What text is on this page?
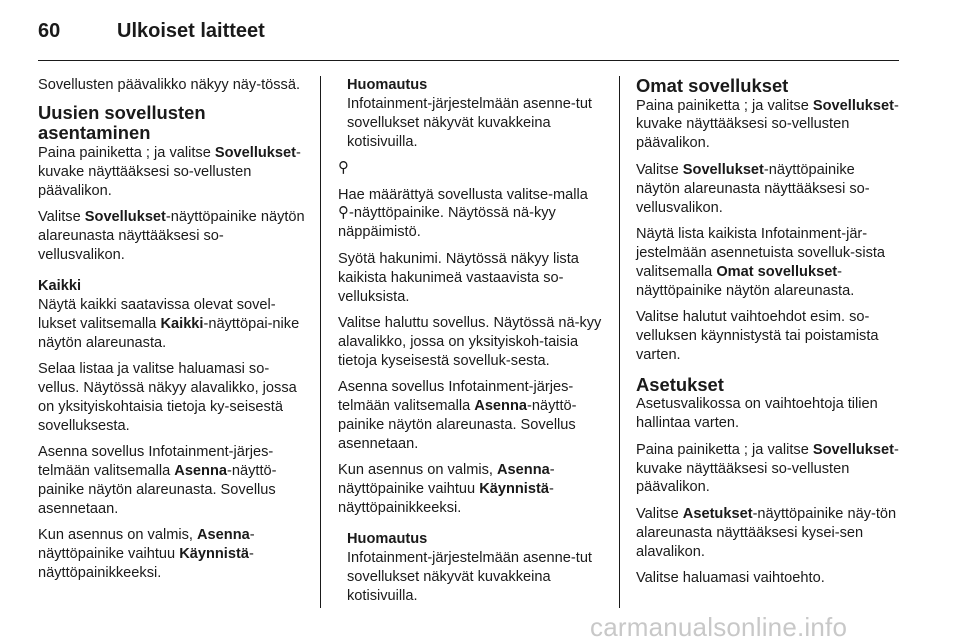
60	Ulkoiset laitteet

Sovellusten päävalikko näkyy näy-tössä.

Uusien sovellusten
asentaminen

Paina painiketta ; ja valitse Sovellukset-kuvake näyttääksesi so-vellusten päävalikon.

Valitse Sovellukset-näyttöpainike näytön alareunasta näyttääksesi so-vellusvalikon.

Kaikki

Näytä kaikki saatavissa olevat sovel-lukset valitsemalla Kaikki-näyttöpai-nike näytön alareunasta.

Selaa listaa ja valitse haluamasi so-vellus. Näytössä näkyy alavalikko, jossa on yksityiskohtaisia tietoja ky-seisestä sovelluksesta.

Asenna sovellus Infotainment-järjes-telmään valitsemalla Asenna-näyttö-painike näytön alareunasta. Sovellus asennetaan.

Kun asennus on valmis, Asenna-näyttöpainike vaihtuu Käynnistä-näyttöpainikkeeksi.

Huomautus

Infotainment-järjestelmään asenne-tut sovellukset näkyvät kuvakkeina kotisivuilla.

⚲

Hae määrättyä sovellusta valitse-malla ⚲-näyttöpainike. Näytössä nä-kyy näppäimistö.

Syötä hakunimi. Näytössä näkyy lista kaikista hakunimeä vastaavista so-velluksista.

Valitse haluttu sovellus. Näytössä nä-kyy alavalikko, jossa on yksityiskoh-taisia tietoja kyseisestä sovelluk-sesta.

Asenna sovellus Infotainment-järjes-telmään valitsemalla Asenna-näyttö-painike näytön alareunasta. Sovellus asennetaan.

Kun asennus on valmis, Asenna-näyttöpainike vaihtuu Käynnistä-näyttöpainikkeeksi.

Huomautus

Infotainment-järjestelmään asenne-tut sovellukset näkyvät kuvakkeina kotisivuilla.

Omat sovellukset

Paina painiketta ; ja valitse Sovellukset-kuvake näyttääksesi so-vellusten päävalikon.

Valitse Sovellukset-näyttöpainike näytön alareunasta näyttääksesi so-vellusvalikon.

Näytä lista kaikista Infotainment-jär-jestelmään asennetuista sovelluk-sista valitsemalla Omat sovellukset-näyttöpainike näytön alareunasta.

Valitse halutut vaihtoehdot esim. so-velluksen käynnistystä tai poistamista varten.

Asetukset

Asetusvalikossa on vaihtoehtoja tilien hallintaa varten.

Paina painiketta ; ja valitse Sovellukset-kuvake näyttääksesi so-vellusten päävalikon.

Valitse Asetukset-näyttöpainike näy-tön alareunasta näyttääksesi kysei-sen alavalikon.

Valitse haluamasi vaihtoehto.

carmanualsonline.info
